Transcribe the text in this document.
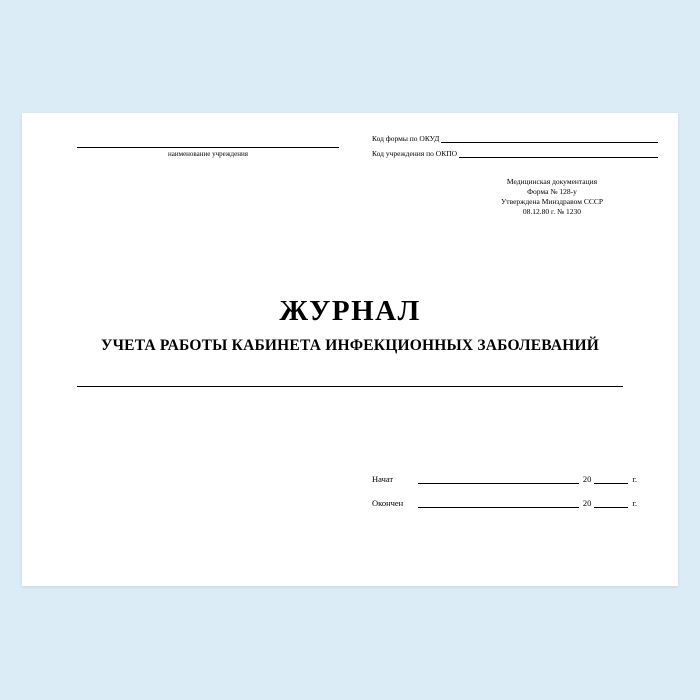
Код формы по ОКУД
Код учреждения по ОКПО
наименование учреждения
Медицинская документация
Форма № 128-у
Утверждена Минздравом СССР
08.12.80 г. № 1230
ЖУРНАЛ
УЧЕТА РАБОТЫ КАБИНЕТА ИНФЕКЦИОННЫХ ЗАБОЛЕВАНИЙ
Начат	20	г.
Окончен	20	г.
